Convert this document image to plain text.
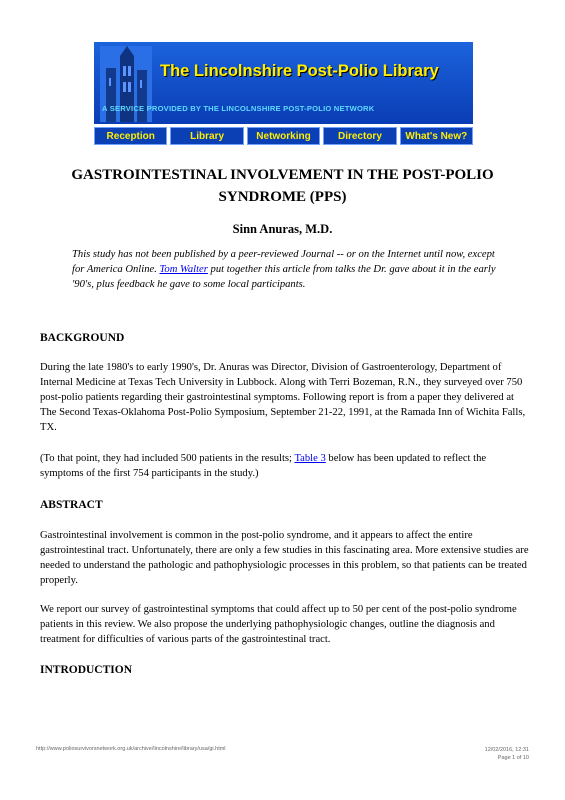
The Lincolnshire Post-Polio Library
A SERVICE PROVIDED BY THE LINCOLNSHIRE POST-POLIO NETWORK
Reception	Library	Networking	Directory	What's New?
GASTROINTESTINAL INVOLVEMENT IN THE POST-POLIO SYNDROME (PPS)
Sinn Anuras, M.D.
This study has not been published by a peer-reviewed Journal -- or on the Internet until now, except for America Online. Tom Walter put together this article from talks the Dr. gave about it in the early '90's, plus feedback he gave to some local participants.
BACKGROUND
During the late 1980's to early 1990's, Dr. Anuras was Director, Division of Gastroenterology, Department of Internal Medicine at Texas Tech University in Lubbock. Along with Terri Bozeman, R.N., they surveyed over 750 post-polio patients regarding their gastrointestinal symptoms. Following report is from a paper they delivered at The Second Texas-Oklahoma Post-Polio Symposium, September 21-22, 1991, at the Ramada Inn of Wichita Falls, TX.
(To that point, they had included 500 patients in the results; Table 3 below has been updated to reflect the symptoms of the first 754 participants in the study.)
ABSTRACT
Gastrointestinal involvement is common in the post-polio syndrome, and it appears to affect the entire gastrointestinal tract. Unfortunately, there are only a few studies in this fascinating area. More extensive studies are needed to understand the pathologic and pathophysiologic processes in this problem, so that patients can be treated properly.
We report our survey of gastrointestinal symptoms that could affect up to 50 per cent of the post-polio syndrome patients in this review. We also propose the underlying pathophysiologic changes, outline the diagnosis and treatment for difficulties of various parts of the gastrointestinal tract.
INTRODUCTION
http://www.poliosurvivorsnetwork.org.uk/archive/lincolnshire/library/usa/gi.html	12/02/2016, 12:31
Page 1 of 10
